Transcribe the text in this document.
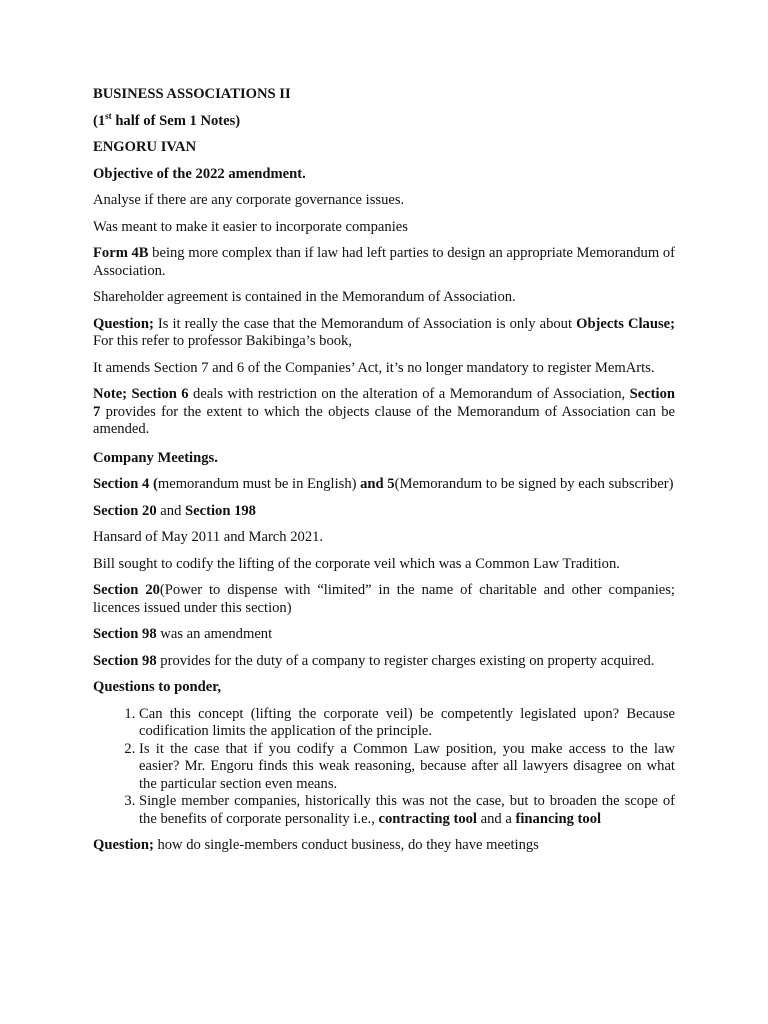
BUSINESS ASSOCIATIONS II

(1st half of Sem 1 Notes)

ENGORU IVAN

Objective of the 2022 amendment.

Analyse if there are any corporate governance issues.

Was meant to make it easier to incorporate companies

Form 4B being more complex than if law had left parties to design an appropriate Memorandum of Association.

Shareholder agreement is contained in the Memorandum of Association.

Question; Is it really the case that the Memorandum of Association is only about Objects Clause; For this refer to professor Bakibinga’s book,

It amends Section 7 and 6 of the Companies’ Act, it’s no longer mandatory to register MemArts.

Note; Section 6 deals with restriction on the alteration of a Memorandum of Association, Section 7 provides for the extent to which the objects clause of the Memorandum of Association can be amended.

Company Meetings.

Section 4 (memorandum must be in English) and 5(Memorandum to be signed by each subscriber)

Section 20 and Section 198

Hansard of May 2011 and March 2021.

Bill sought to codify the lifting of the corporate veil which was a Common Law Tradition.

Section 20(Power to dispense with “limited” in the name of charitable and other companies; licences issued under this section)

Section 98 was an amendment

Section 98 provides for the duty of a company to register charges existing on property acquired.

Questions to ponder,

1. Can this concept (lifting the corporate veil) be competently legislated upon? Because codification limits the application of the principle.
2. Is it the case that if you codify a Common Law position, you make access to the law easier? Mr. Engoru finds this weak reasoning, because after all lawyers disagree on what the particular section even means.
3. Single member companies, historically this was not the case, but to broaden the scope of the benefits of corporate personality i.e., contracting tool and a financing tool

Question; how do single-members conduct business, do they have meetings
